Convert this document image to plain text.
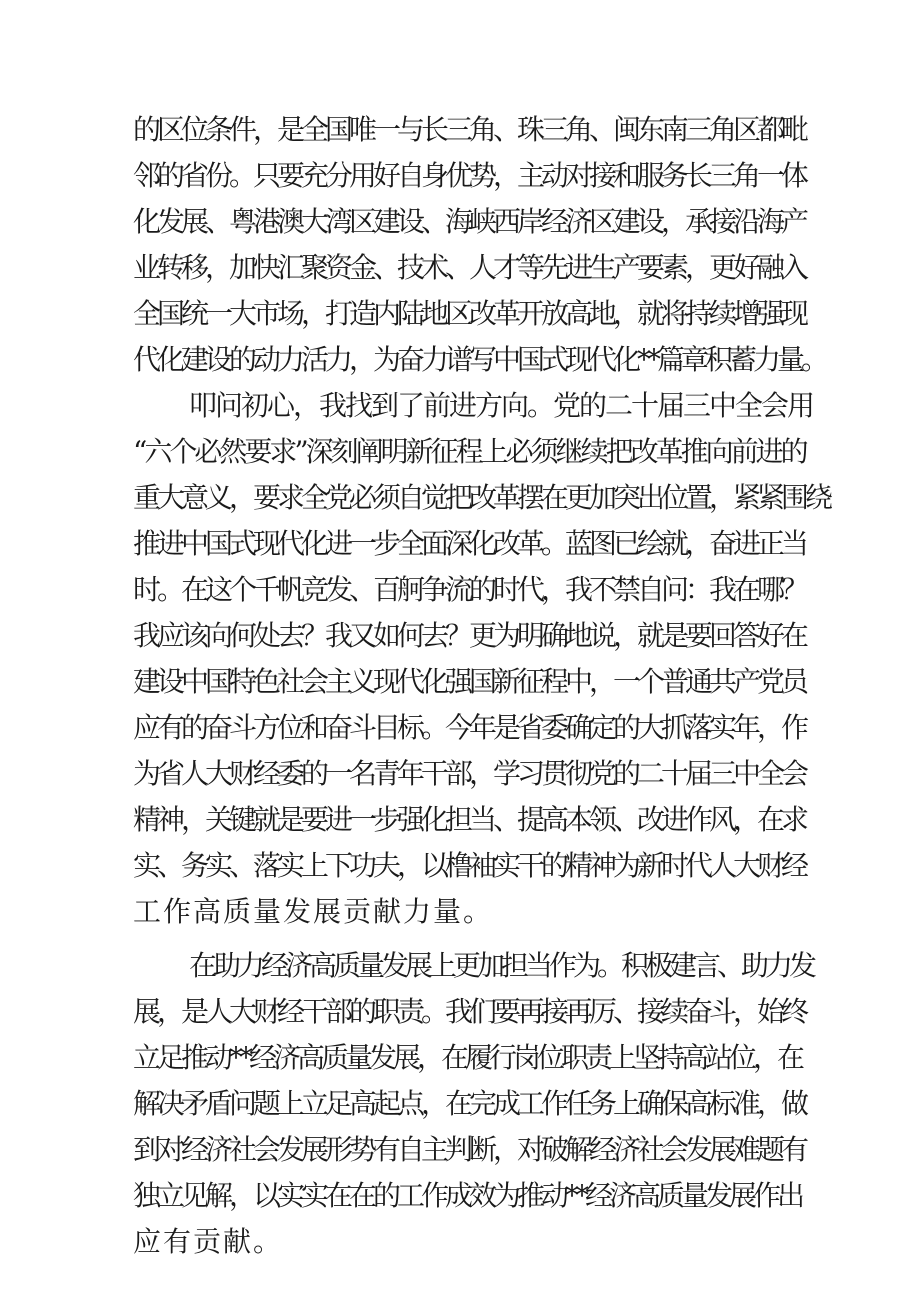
的区位条件，是全国唯一与长三角、珠三角、闽东南三角区都毗
邻的省份。只要充分用好自身优势，主动对接和服务长三角一体
化发展、粤港澳大湾区建设、海峡西岸经济区建设，承接沿海产
业转移，加快汇聚资金、技术、人才等先进生产要素，更好融入
全国统一大市场，打造内陆地区改革开放高地，就将持续增强现
代化建设的动力活力，为奋力谱写中国式现代化**篇章积蓄力量。
叩问初心，我找到了前进方向。党的二十届三中全会用
“六个必然要求”深刻阐明新征程上必须继续把改革推向前进的
重大意义，要求全党必须自觉把改革摆在更加突出位置，紧紧围绕
推进中国式现代化进一步全面深化改革。蓝图已绘就，奋进正当
时。在这个千帆竞发、百舸争流的时代，我不禁自问：我在哪？
我应该向何处去？我又如何去？更为明确地说，就是要回答好在
建设中国特色社会主义现代化强国新征程中，一个普通共产党员
应有的奋斗方位和奋斗目标。今年是省委确定的大抓落实年，作
为省人大财经委的一名青年干部，学习贯彻党的二十届三中全会
精神，关键就是要进一步强化担当、提高本领、改进作风，在求
实、务实、落实上下功夫，以橹袖实干的精神为新时代人大财经
工作高质量发展贡献力量。
在助力经济高质量发展上更加担当作为。积极建言、助力发
展，是人大财经干部的职责。我们要再接再厉、接续奋斗，始终
立足推动**经济高质量发展，在履行岗位职责上坚持高站位，在
解决矛盾问题上立足高起点，在完成工作任务上确保高标准，做
到对经济社会发展形势有自主判断，对破解经济社会发展难题有
独立见解，以实实在在的工作成效为推动**经济高质量发展作出
应有贡献。
